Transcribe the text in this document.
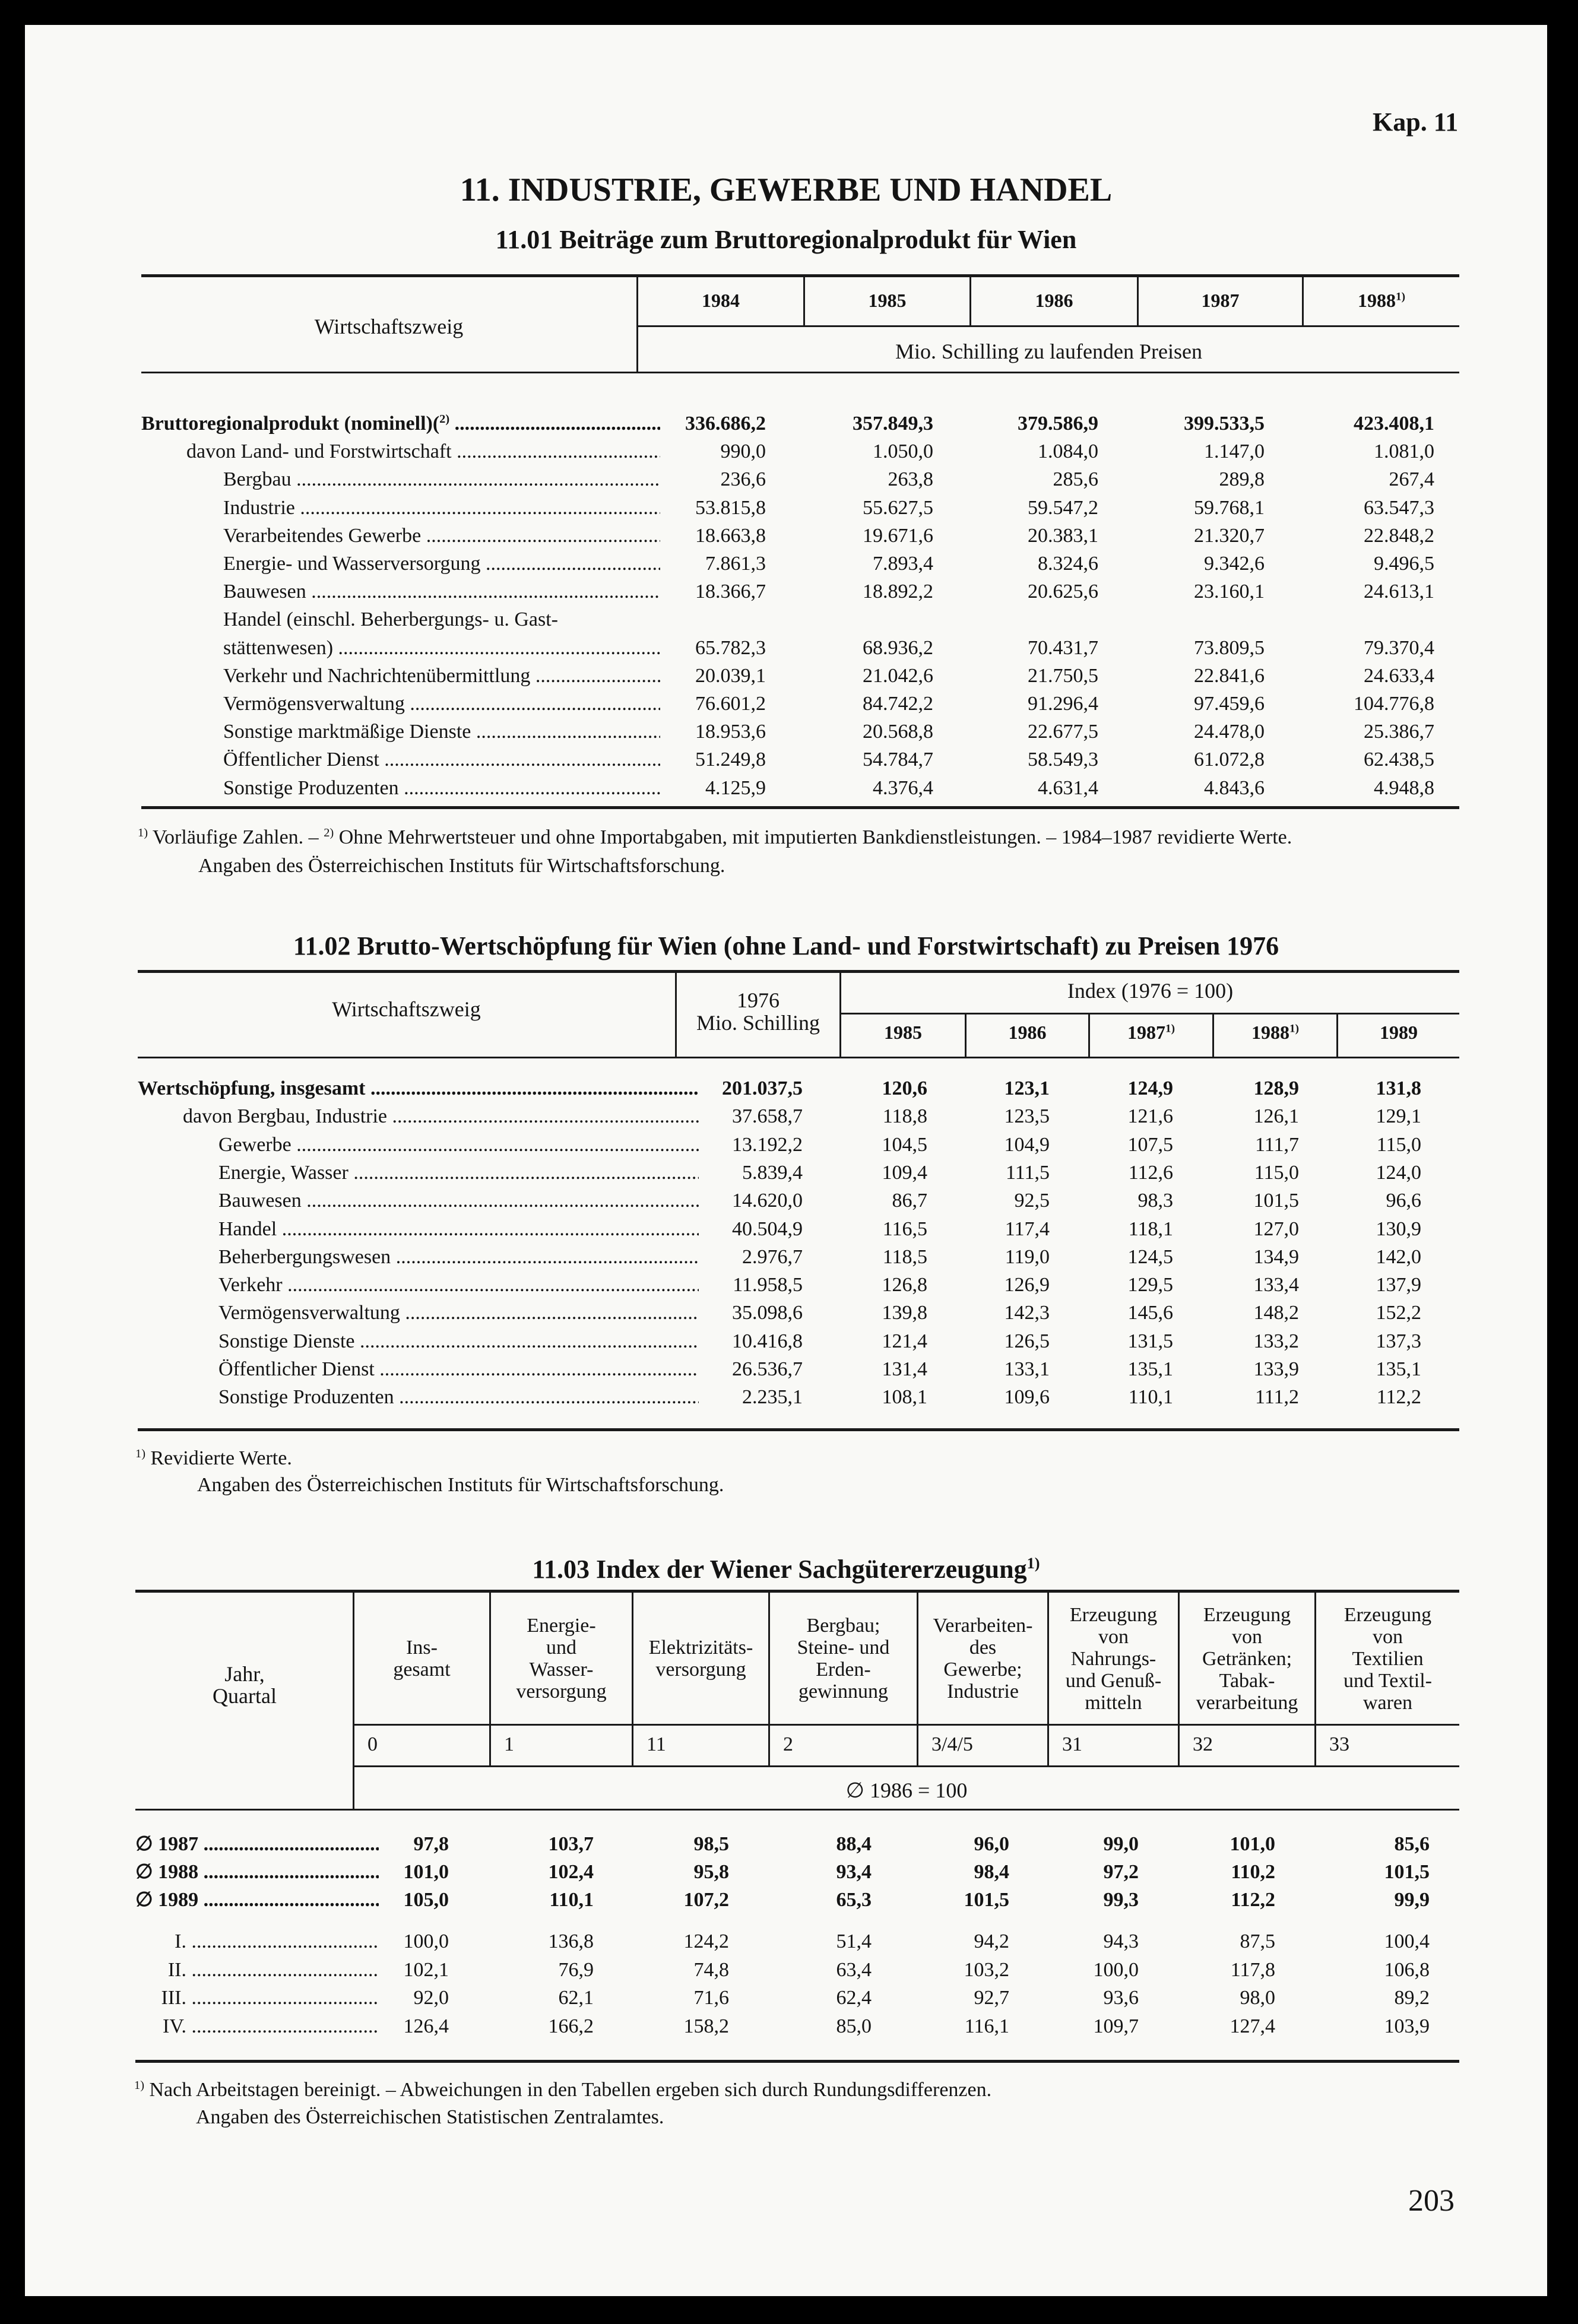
Kap. 11
11. INDUSTRIE, GEWERBE UND HANDEL
11.01 Beiträge zum Bruttoregionalprodukt für Wien
Wirtschaftszweig
1984	1985	1986	1987	1988$^{1)}$
Mio. Schilling zu laufenden Preisen
Bruttoregionalprodukt (nominell)($^{2)}$ .....	336.686,2	357.849,3	379.586,9	399.533,5	423.408,1
davon Land- und Forstwirtschaft .....	990,0	1.050,0	1.084,0	1.147,0	1.081,0
Bergbau .....	236,6	263,8	285,6	289,8	267,4
Industrie .....	53.815,8	55.627,5	59.547,2	59.768,1	63.547,3
Verarbeitendes Gewerbe .....	18.663,8	19.671,6	20.383,1	21.320,7	22.848,2
Energie- und Wasserversorgung .....	7.861,3	7.893,4	8.324,6	9.342,6	9.496,5
Bauwesen .....	18.366,7	18.892,2	20.625,6	23.160,1	24.613,1
Handel (einschl. Beherbergungs- u. Gast-
stättenwesen) .....	65.782,3	68.936,2	70.431,7	73.809,5	79.370,4
Verkehr und Nachrichtenübermittlung .....	20.039,1	21.042,6	21.750,5	22.841,6	24.633,4
Vermögensverwaltung .....	76.601,2	84.742,2	91.296,4	97.459,6	104.776,8
Sonstige marktmäßige Dienste .....	18.953,6	20.568,8	22.677,5	24.478,0	25.386,7
Öffentlicher Dienst .....	51.249,8	54.784,7	58.549,3	61.072,8	62.438,5
Sonstige Produzenten .....	4.125,9	4.376,4	4.631,4	4.843,6	4.948,8
$^{1)}$ Vorläufige Zahlen. – $^{2)}$ Ohne Mehrwertsteuer und ohne Importabgaben, mit imputierten Bankdienstleistungen. – 1984–1987 revidierte Werte.
Angaben des Österreichischen Instituts für Wirtschaftsforschung.
11.02 Brutto-Wertschöpfung für Wien (ohne Land- und Forstwirtschaft) zu Preisen 1976
Wirtschaftszweig	1976
Mio. Schilling
Index (1976 = 100)
1985	1986	1987$^{1)}$	1988$^{1)}$	1989
Wertschöpfung, insgesamt .....	201.037,5	120,6	123,1	124,9	128,9	131,8
davon Bergbau, Industrie .....	37.658,7	118,8	123,5	121,6	126,1	129,1
Gewerbe .....	13.192,2	104,5	104,9	107,5	111,7	115,0
Energie, Wasser .....	5.839,4	109,4	111,5	112,6	115,0	124,0
Bauwesen .....	14.620,0	86,7	92,5	98,3	101,5	96,6
Handel .....	40.504,9	116,5	117,4	118,1	127,0	130,9
Beherbergungswesen .....	2.976,7	118,5	119,0	124,5	134,9	142,0
Verkehr .....	11.958,5	126,8	126,9	129,5	133,4	137,9
Vermögensverwaltung .....	35.098,6	139,8	142,3	145,6	148,2	152,2
Sonstige Dienste .....	10.416,8	121,4	126,5	131,5	133,2	137,3
Öffentlicher Dienst .....	26.536,7	131,4	133,1	135,1	133,9	135,1
Sonstige Produzenten .....	2.235,1	108,1	109,6	110,1	111,2	112,2
$^{1)}$ Revidierte Werte.
Angaben des Österreichischen Instituts für Wirtschaftsforschung.
11.03 Index der Wiener Sachgütererzeugung$^{1)}$
Jahr,
Quartal
Ins-
gesamt
0
Energie-
und
Wasser-
versorgung
1
Elektrizitäts-
versorgung
11
Bergbau;
Steine- und
Erden-
gewinnung
2
Verarbeiten-
des
Gewerbe;
Industrie
3/4/5
Erzeugung
von
Nahrungs-
und Genuß-
mitteln
31
Erzeugung
von
Getränken;
Tabak-
verarbeitung
32
Erzeugung
von
Textilien
und Textil-
waren
33
∅ 1986 = 100
∅ 1987 .....	97,8	103,7	98,5	88,4	96,0	99,0	101,0	85,6
∅ 1988 .....	101,0	102,4	95,8	93,4	98,4	97,2	110,2	101,5
∅ 1989 .....	105,0	110,1	107,2	65,3	101,5	99,3	112,2	99,9
I. .....	100,0	136,8	124,2	51,4	94,2	94,3	87,5	100,4
II. .....	102,1	76,9	74,8	63,4	103,2	100,0	117,8	106,8
III. .....	92,0	62,1	71,6	62,4	92,7	93,6	98,0	89,2
IV. .....	126,4	166,2	158,2	85,0	116,1	109,7	127,4	103,9
$^{1)}$ Nach Arbeitstagen bereinigt. – Abweichungen in den Tabellen ergeben sich durch Rundungsdifferenzen.
Angaben des Österreichischen Statistischen Zentralamtes.
203
